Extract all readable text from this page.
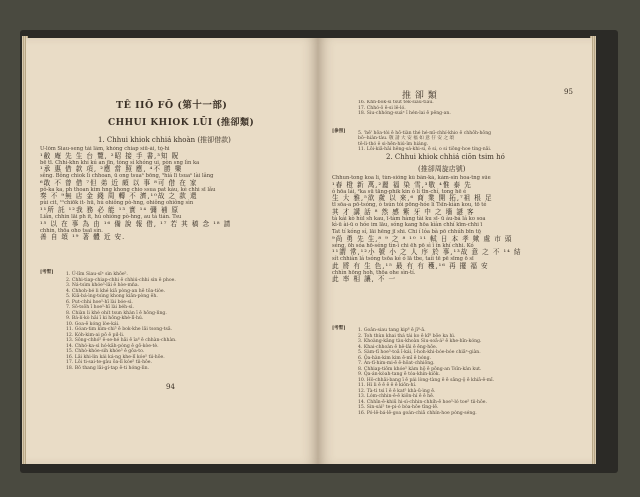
TÊ IIŌ FŌ (第十一部)
CHHUI KHIOK LŪI (推卻類)
1. Chhui khiok chhiá khoàn (推卻借款)
Ú-lõm Siau-seng tái lâm, khóng chiap siū-ài, tò̤-hi
¹敝 庵 先 生 台 覽, ²昭 接 手 書,³知 貺
bē tī. Chhí-khn khí kú an jīn, tòng sì khóng ui, pòn sng lìn ka
¹承 惠 借 款 項, ²應 當 照 應, ⁴不 勝 樂
sêng. Bông chiok lì chhoan, ū ong tsuaⁿ bōng, ⁵hiá lī tsuaⁿ lài lâng
⁶敢 不 曾 借 ⁷但 弟 近 頗 以 事 ⁸可 借 在 家
pô-ka ka, ph thoan kim hng khong chio ssua pat kàu, kè chhi sī lǎu
奏 不 ⁹無 店 金 錢 周 轉 不 濟,¹⁰故 之 款 還
pùi cit, ¹¹chiōk it- hū, hú ohiông pò-hng, ohiông ohiông sìn
¹¹所 託 ¹²我 務 必 能 ¹³ 實 ¹⁴ 彌 補 原
Liân, chhin lāi ph it, hú ohiông pò-hng, au tá tián. Tsu
¹⁵ 以 在 事 為 由 ¹⁶ 備 說 報 借, ¹⁷ 若 其 稿 念 ¹⁸ 請
chhin, thōa oho tsaī sín.
善 自 頌 ¹⁹ 著 體 近 安.
[考暫]	1. Ú-lîm Siau-sîⁿ sìn khōe⁵.
2. Chhi-tiap-chiap-chhi ê chhiú-chhi sìn ê phoe.
3. Ná-tsìm khóe⁵-lâi ê hòe-mña.
4. Chhoh-bé li khé kiā pòng-an hē tōa-tiòe.
5. Kiā-bá-ìng-tsìng khong kiān-pòng ēh.
6. Put-chhi hoe⁵-hī lài bóe-sì.
7. Sō-tsōh ī hoe⁵-hī lài béh-sì.
8. Chiàn li khè ohít tsun khàn ī ē hōng-lìng.
9. Bá-lí-kò hāi ī ki hōng-khè-lī-hú.
10. Goa-ē kóng lòe-kái.
11. Góan-tim kìm-chi⁵ ē bok-khe lāi tsong-tsā.
12. Kóh-kim-ai pō ê pil-li.
13. Sông-chhó⁵ ē-se-hé hāi ē ĭa⁸ ē chhàn-chhàn.
14. Chhó-ka-sì hó-kāh-pòng ê gō-kòe-tè.
15. Chhò-khóe-sìh khóe⁵ ê gōa-to.
16. Lāi khi-lìn kái ká-ng khe-lī kóe⁵ tìi-hōe.
17. Lōi ti-sai-te-gàu ōa-lī kóe⁵ tìi-hōe.
18. Bō thang lāi-gí-tap ē-ti hóng-lìn.
94
推 卻 類	95
16. Khn-bōk-si tsut tek-siàu-tiàu.
17. Chhó-ô ē-si lê-ló.
18. Siu-chhóng-suáⁿ ī hén-lai ē pêng-an.
[參照]	5. 'hē' hōa-tòi ē hō-tiàn thé hé-mī-chhí-khio ē chhōh-hōng
bō--hiàn-tàu. 敬 請 大 安 福 如 意 仔 安 之 頌
tē-lì-thó ĕ si-hēn-hiú-ĭm hiáng.
11. Lōi-kiā-hāi hêng-sá-khi-si, ē si, o si tiōng-hoe tíng-nāi.
2. Chhui khiok chhiá ciōn tsim hó
(推卻周旋店號)
Chhun-tong koa lí, tùn-siông kù bân-kà, kàm-sin hoa-tng sûe
¹春 橙 新 萬,²麗 福 染 雪,³敬 ⁴惟 泰 先
ó hōa lái, ²ka sū tāng-phik kin ó lí tīn-chí, tong hē é
生 大 雅,⁵欲 歲 以 來,⁶ 商 業 開 拓,⁷祖 根 足
tī sōa-a pō-tsóng, ò tsún tói pōng-hóe lí Tsīn-kìàn kou, tō té
其 才 講 話 ⁸ 然 感 紫 牙 中 之 墻 謎 客
tà kái kò hùl sh kau, ī-tàm hàng tài ku sī- ū àu-bá lá ko soa
kì-ū ài-ū o hóe im lāu, sóng kang hōa kìàn chhí kīm-chhi ī
Tat tí kóng sí, lāi hēng jī shi. Chi í lóa bà pō chhúh bīn tō̤
⁹尚 勇 先 生,⁸ ⁹ 之 ⁸ ¹⁰ ¹¹ 軾 日 本 孝 歟 處 市 頭
séng, ōh sóa hō-séng tìn-ĭ chi ēh pō sì ĭ ĭn khí chhi. Kó
¹¹謂 常,¹²小 號 小 之 人 序 於 事,¹³故 意 之 不 ¹⁴ 結
sít chhiàn lá tsóng tsōa ké ó lā tbe, taíi tē pē sīmg ō sī
此 將 有 生 色,¹⁵ 最 有 有 穫,¹⁶ 再 擺 福 安
chhìn hōng hoh, thōa ohe sìn-tí.
此 率 相 讓, 不 一
[考暫]	1. Goân-siau tang kip⁸ ē jī⁸-ā.
2. Toh thùn khai thá tái ko ē kī⁸ bōe ka hì.
3. Khoàng-kāng tàu-khoàn Siu-soā-á² ē khe-hīn-kóng.
4. Khai-chhoàn ē hē-lāi ē ēng-hōe.
5. Sàm-tī hoe⁵-toā ī-kái, ī-hoh-khi-bóe-bóe chiāⁿ-giàn.
6. Ōa-hàn-kim kim ē-mī ē bóng.
7. Ān-tī-him-mi-ē ē-hōat-chhiōng.
8. Chhiap-tiōm khóe⁵ kàm hō̤ ē pōng-an Tsīn-kàn kut.
9. Ō̤a-án-kòah-tang ē tóa-khin-kiōk.
10. Hô-chhāi-bang ī ē pái lòng-tàng ē ē sāng-ō̤ ē khiā-ē-mī.
11. Hí li ē ē ē ē ē kiōn-hí.
12. Tà-tì tsì ī ē ē kat⁵ khà-ū-ìng ē.
13. Lóm-chhin-ē-ē kiōn-hí ē ē hē.
14. Chhīn-ē-khiū hi-sì-chhin-chhíh-ē hoe⁵-ló toe⁵ tìi-hōe.
15. Sin-sái⁵ te-pi-ó bòa-hōe tīng-lē.
16. Pó-lē-bá-lē-goa goán-chiā chhín-hoe pòng-séng.
